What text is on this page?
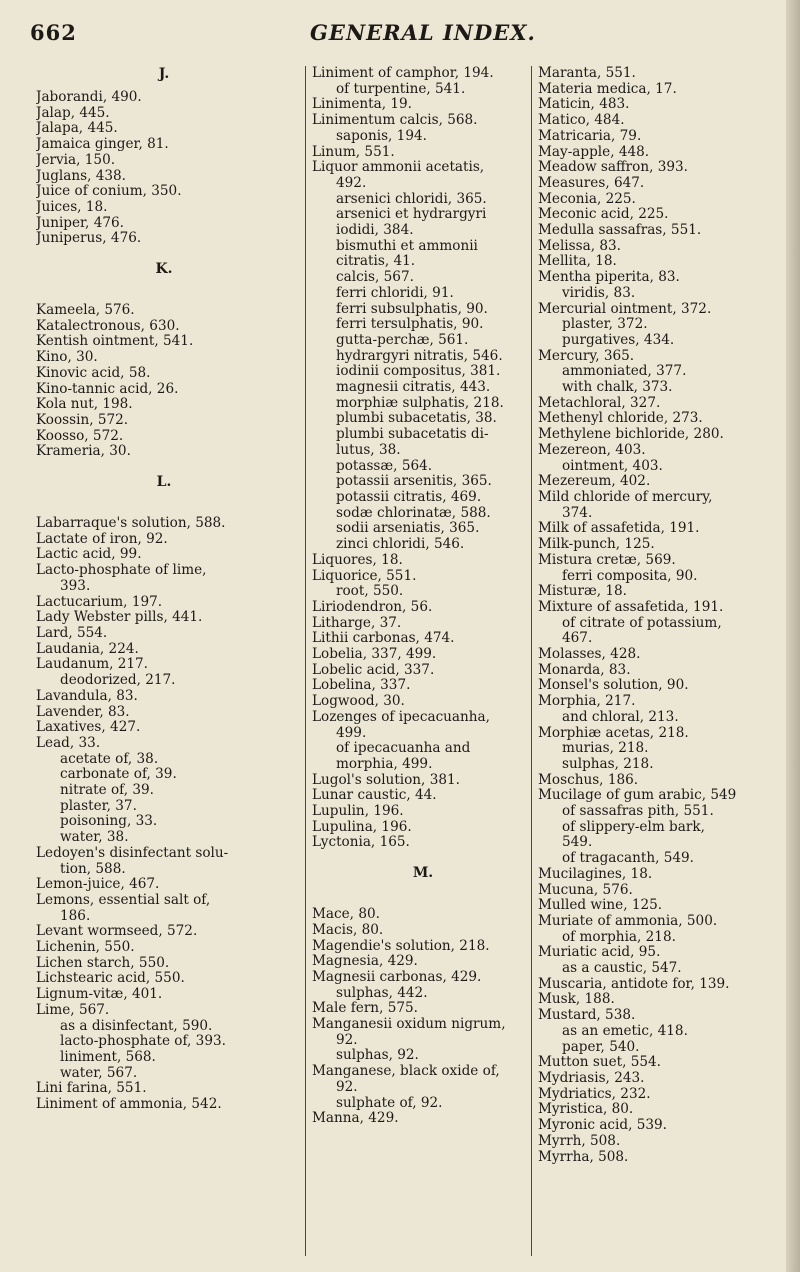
662	GENERAL INDEX.
J.
Jaborandi, 490.
Jalap, 445.
Jalapa, 445.
Jamaica ginger, 81.
Jervia, 150.
Juglans, 438.
Juice of conium, 350.
Juices, 18.
Juniper, 476.
Juniperus, 476.
K.
Kameela, 576.
Katalectronous, 630.
Kentish ointment, 541.
Kino, 30.
Kinovic acid, 58.
Kino-tannic acid, 26.
Kola nut, 198.
Koossin, 572.
Koosso, 572.
Krameria, 30.
L.
Labarraque's solution, 588.
Lactate of iron, 92.
Lactic acid, 99.
Lacto-phosphate of lime,
393.
Lactucarium, 197.
Lady Webster pills, 441.
Lard, 554.
Laudania, 224.
Laudanum, 217.
deodorized, 217.
Lavandula, 83.
Lavender, 83.
Laxatives, 427.
Lead, 33.
acetate of, 38.
carbonate of, 39.
nitrate of, 39.
plaster, 37.
poisoning, 33.
water, 38.
Ledoyen's disinfectant solu-
tion, 588.
Lemon-juice, 467.
Lemons, essential salt of,
186.
Levant wormseed, 572.
Lichenin, 550.
Lichen starch, 550.
Lichstearic acid, 550.
Lignum-vitæ, 401.
Lime, 567.
as a disinfectant, 590.
lacto-phosphate of, 393.
liniment, 568.
water, 567.
Lini farina, 551.
Liniment of ammonia, 542.
Liniment of camphor, 194.
of turpentine, 541.
Linimenta, 19.
Linimentum calcis, 568.
saponis, 194.
Linum, 551.
Liquor ammonii acetatis,
492.
arsenici chloridi, 365.
arsenici et hydrargyri
iodidi, 384.
bismuthi et ammonii
citratis, 41.
calcis, 567.
ferri chloridi, 91.
ferri subsulphatis, 90.
ferri tersulphatis, 90.
gutta-perchæ, 561.
hydrargyri nitratis, 546.
iodinii compositus, 381.
magnesii citratis, 443.
morphiæ sulphatis, 218.
plumbi subacetatis, 38.
plumbi subacetatis di-
lutus, 38.
potassæ, 564.
potassii arsenitis, 365.
potassii citratis, 469.
sodæ chlorinatæ, 588.
sodii arseniatis, 365.
zinci chloridi, 546.
Liquores, 18.
Liquorice, 551.
root, 550.
Liriodendron, 56.
Litharge, 37.
Lithii carbonas, 474.
Lobelia, 337, 499.
Lobelic acid, 337.
Lobelina, 337.
Logwood, 30.
Lozenges of ipecacuanha,
499.
of ipecacuanha and
morphia, 499.
Lugol's solution, 381.
Lunar caustic, 44.
Lupulin, 196.
Lupulina, 196.
Lyctonia, 165.
M.
Mace, 80.
Macis, 80.
Magendie's solution, 218.
Magnesia, 429.
Magnesii carbonas, 429.
sulphas, 442.
Male fern, 575.
Manganesii oxidum nigrum,
92.
sulphas, 92.
Manganese, black oxide of,
92.
sulphate of, 92.
Manna, 429.
Maranta, 551.
Materia medica, 17.
Maticin, 483.
Matico, 484.
Matricaria, 79.
May-apple, 448.
Meadow saffron, 393.
Measures, 647.
Meconia, 225.
Meconic acid, 225.
Medulla sassafras, 551.
Melissa, 83.
Mellita, 18.
Mentha piperita, 83.
viridis, 83.
Mercurial ointment, 372.
plaster, 372.
purgatives, 434.
Mercury, 365.
ammoniated, 377.
with chalk, 373.
Metachloral, 327.
Methenyl chloride, 273.
Methylene bichloride, 280.
Mezereon, 403.
ointment, 403.
Mezereum, 402.
Mild chloride of mercury,
374.
Milk of assafetida, 191.
Milk-punch, 125.
Mistura cretæ, 569.
ferri composita, 90.
Misturæ, 18.
Mixture of assafetida, 191.
of citrate of potassium,
467.
Molasses, 428.
Monarda, 83.
Monsel's solution, 90.
Morphia, 217.
and chloral, 213.
Morphiæ acetas, 218.
murias, 218.
sulphas, 218.
Moschus, 186.
Mucilage of gum arabic, 549
of sassafras pith, 551.
of slippery-elm bark,
549.
of tragacanth, 549.
Mucilagines, 18.
Mucuna, 576.
Mulled wine, 125.
Muriate of ammonia, 500.
of morphia, 218.
Muriatic acid, 95.
as a caustic, 547.
Muscaria, antidote for, 139.
Musk, 188.
Mustard, 538.
as an emetic, 418.
paper, 540.
Mutton suet, 554.
Mydriasis, 243.
Mydriatics, 232.
Myristica, 80.
Myronic acid, 539.
Myrrh, 508.
Myrrha, 508.
